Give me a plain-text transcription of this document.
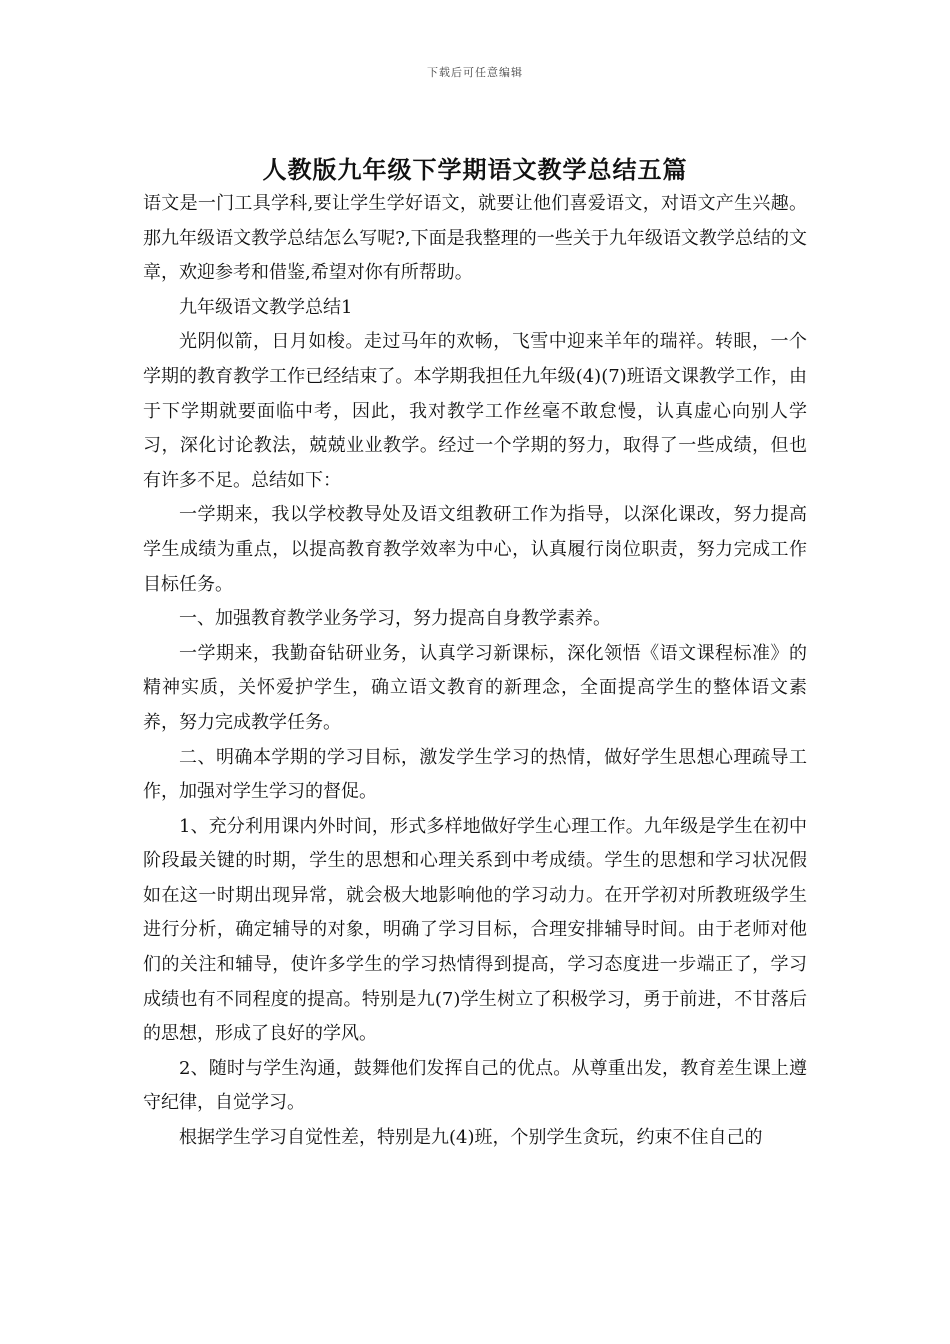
下载后可任意编辑
人教版九年级下学期语文教学总结五篇

语文是一门工具学科,要让学生学好语文，就要让他们喜爱语文，对语文产生兴趣。 那九年级语文教学总结怎么写呢?,下面是我整理的一些关于九年级语文教学总结的文章，欢迎参考和借鉴,希望对你有所帮助。

九年级语文教学总结1

光阴似箭，日月如梭。走过马年的欢畅，飞雪中迎来羊年的瑞祥。转眼，一个学期的教育教学工作已经结束了。本学期我担任九年级(4)(7)班语文课教学工作，由于下学期就要面临中考，因此，我对教学工作丝毫不敢怠慢，认真虚心向别人学习，深化讨论教法，兢兢业业教学。经过一个学期的努力，取得了一些成绩，但也有许多不足。总结如下：

一学期来，我以学校教导处及语文组教研工作为指导，以深化课改，努力提高学生成绩为重点，以提高教育教学效率为中心，认真履行岗位职责，努力完成工作目标任务。

一、加强教育教学业务学习，努力提高自身教学素养。

一学期来，我勤奋钻研业务，认真学习新课标，深化领悟《语文课程标准》的精神实质，关怀爱护学生，确立语文教育的新理念，全面提高学生的整体语文素养，努力完成教学任务。

二、明确本学期的学习目标，激发学生学习的热情，做好学生思想心理疏导工作，加强对学生学习的督促。

1、充分利用课内外时间，形式多样地做好学生心理工作。九年级是学生在初中阶段最关键的时期，学生的思想和心理关系到中考成绩。学生的思想和学习状况假如在这一时期出现异常，就会极大地影响他的学习动力。在开学初对所教班级学生进行分析，确定辅导的对象，明确了学习目标，合理安排辅导时间。由于老师对他们的关注和辅导，使许多学生的学习热情得到提高，学习态度进一步端正了，学习成绩也有不同程度的提高。特别是九(7)学生树立了积极学习，勇于前进，不甘落后的思想，形成了良好的学风。

2、随时与学生沟通，鼓舞他们发挥自己的优点。从尊重出发，教育差生课上遵守纪律，自觉学习。

根据学生学习自觉性差，特别是九(4)班，个别学生贪玩，约束不住自己的
